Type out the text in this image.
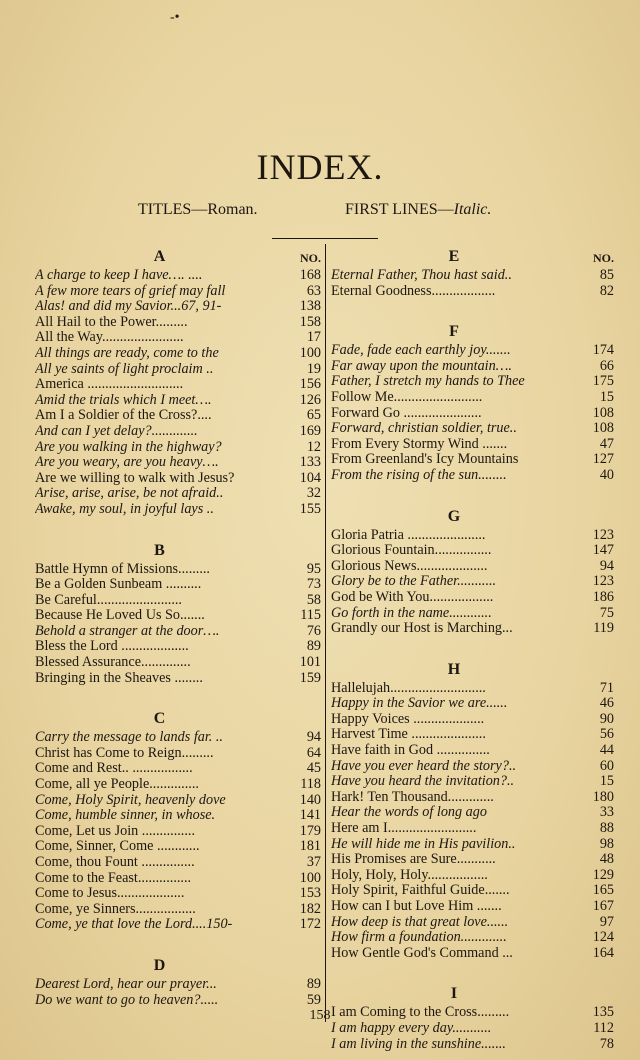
-•
INDEX.
TITLES—Roman.	FIRST LINES—Italic.
A	NO.
A charge to keep I have…. ....	168
A few more tears of grief may fall	63
Alas! and did my Savior...67, 91-	138
All Hail to the Power.........	158
All the Way.......................	17
All things are ready, come to the	100
All ye saints of light proclaim ..	19
America ...........................	156
Amid the trials which I meet….	126
Am I a Soldier of the Cross?....	65
And can I yet delay?.............	169
Are you walking in the highway?	12
Are you weary, are you heavy….	133
Are we willing to walk with Jesus?	104
Arise, arise, arise, be not afraid..	32
Awake, my soul, in joyful lays ..	155
B
Battle Hymn of Missions.........	95
Be a Golden Sunbeam ..........	73
Be Careful........................	58
Because He Loved Us So.......	115
Behold a stranger at the door….	76
Bless the Lord ...................	89
Blessed Assurance..............	101
Bringing in the Sheaves ........	159
C
Carry the message to lands far. ..	94
Christ has Come to Reign.........	64
Come and Rest.. .................	45
Come, all ye People..............	118
Come, Holy Spirit, heavenly dove	140
Come, humble sinner, in whose.	141
Come, Let us Join ...............	179
Come, Sinner, Come ............	181
Come, thou Fount ...............	37
Come to the Feast...............	100
Come to Jesus...................	153
Come, ye Sinners.................	182
Come, ye that love the Lord....150-	172
D
Dearest Lord, hear our prayer...	89
Do we want to go to heaven?.....	59
E	NO.
Eternal Father, Thou hast said..	85
Eternal Goodness..................	82
F
Fade, fade each earthly joy.......	174
Far away upon the mountain….	66
Father, I stretch my hands to Thee	175
Follow Me.........................	15
Forward Go ......................	108
Forward, christian soldier, true..	108
From Every Stormy Wind .......	47
From Greenland's Icy Mountains	127
From the rising of the sun........	40
G
Gloria Patria ......................	123
Glorious Fountain................	147
Glorious News....................	94
Glory be to the Father...........	123
God be With You..................	186
Go forth in the name............	75
Grandly our Host is Marching...	119
H
Hallelujah...........................	71
Happy in the Savior we are......	46
Happy Voices ....................	90
Harvest Time .....................	56
Have faith in God ...............	44
Have you ever heard the story?..	60
Have you heard the invitation?..	15
Hark! Ten Thousand.............	180
Hear the words of long ago	33
Here am I.........................	88
He will hide me in His pavilion..	98
His Promises are Sure...........	48
Holy, Holy, Holy.................	129
Holy Spirit, Faithful Guide.......	165
How can I but Love Him .......	167
How deep is that great love......	97
How firm a foundation.............	124
How Gentle God's Command ...	164
I
I am Coming to the Cross.........	135
I am happy every day...........	112
I am living in the sunshine.......	78
158
